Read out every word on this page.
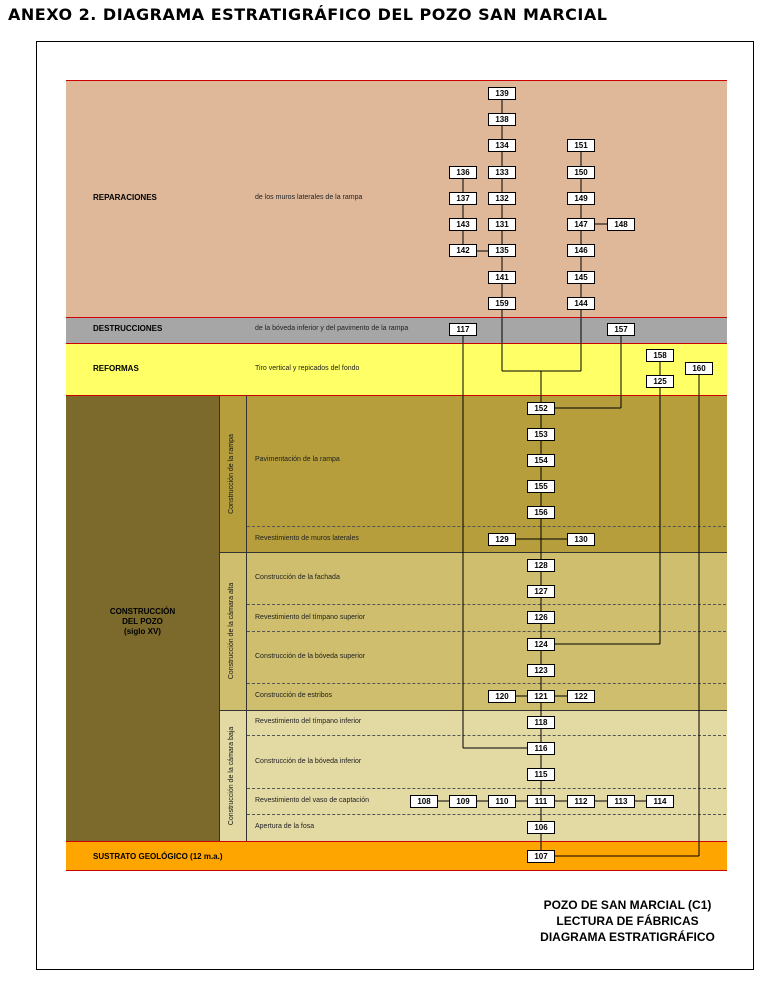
ANEXO 2. DIAGRAMA ESTRATIGRÁFICO DEL POZO SAN MARCIAL
REPARACIONES	de los muros laterales de la rampa
DESTRUCCIONES	de la bóveda inferior y del pavimento de la rampa
REFORMAS	Tiro vertical y repicados del fondo
CONSTRUCCIÓN
DEL POZO
(siglo XV)
SUSTRATO GEOLÓGICO (12 m.a.)
Construcción de la rampa
Construcción de la cámara alta
Construcción de la cámara baja
Pavimentación de la rampa
Revestimiento de muros laterales
Construcción de la fachada
Revestimiento del tímpano superior
Construcción de la bóveda superior
Construcción de estribos
Revestimiento del tímpano inferior
Construcción de la bóveda inferior
Revestimiento del vaso de captación
Apertura de la fosa
139
138
134
133
132
131
135
141
159
136
137
143
142
151
150
149
147	148
146
145
144
117	157
158
125
160
152
153
154
155
156
129	130
128
127
126
124
123
120	121	122
118
116
115
108	109	110	111	112	113	114
106
107
POZO DE SAN MARCIAL (C1)
LECTURA DE FÁBRICAS
DIAGRAMA ESTRATIGRÁFICO
